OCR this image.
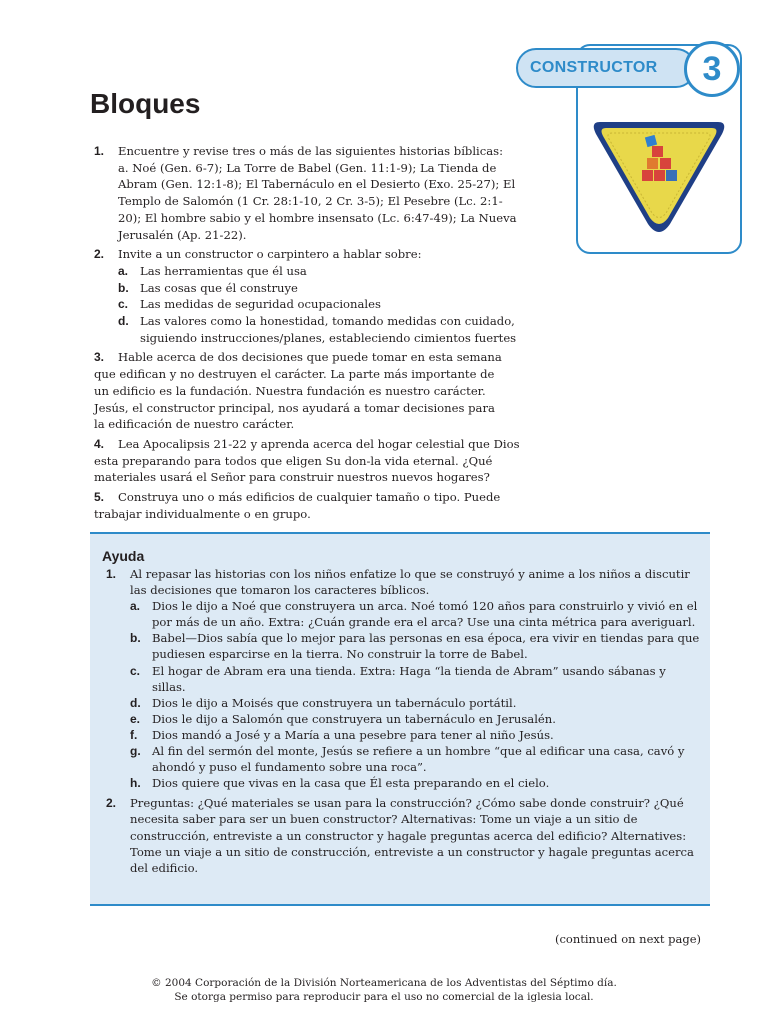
CONSTRUCTOR	3
Bloques
1. Encuentre y revise tres o más de las siguientes historias bíblicas:
a. Noé (Gen. 6-7); La Torre de Babel (Gen. 11:1-9); La Tienda de
Abram (Gen. 12:1-8); El Tabernáculo en el Desierto (Exo. 25-27); El
Templo de Salomón (1 Cr. 28:1-10, 2 Cr. 3-5); El Pesebre (Lc. 2:1-
20); El hombre sabio y el hombre insensato (Lc. 6:47-49); La Nueva
Jerusalén (Ap. 21-22).
2. Invite a un constructor o carpintero a hablar sobre:
a. Las herramientas que él usa
b. Las cosas que él construye
c. Las medidas de seguridad ocupacionales
d. Las valores como la honestidad, tomando medidas con cuidado, siguiendo instrucciones/planes, estableciendo cimientos fuertes
3. Hable acerca de dos decisiones que puede tomar en esta semana
que edifican y no destruyen el carácter. La parte más importante de
un edificio es la fundación. Nuestra fundación es nuestro carácter.
Jesús, el constructor principal, nos ayudará a tomar decisiones para
la edificación de nuestro carácter.
4. Lea Apocalipsis 21-22 y aprenda acerca del hogar celestial que Dios
esta preparando para todos que eligen Su don-la vida eternal. ¿Qué
materiales usará el Señor para construir nuestros nuevos hogares?
5. Construya uno o más edificios de cualquier tamaño o tipo. Puede
trabajar individualmente o en grupo.
Ayuda
1. Al repasar las historias con los niños enfatize lo que se construyó y anime a los niños a discutir las decisiones que tomaron los caracteres bíblicos.
a. Dios le dijo a Noé que construyera un arca. Noé tomó 120 años para construirlo y vivió en el por más de un año. Extra: ¿Cuán grande era el arca? Use una cinta métrica para averiguarl.
b. Babel—Dios sabía que lo mejor para las personas en esa época, era vivir en tiendas para que pudiesen esparcirse en la tierra. No construir la torre de Babel.
c. El hogar de Abram era una tienda. Extra: Haga “la tienda de Abram” usando sábanas y sillas.
d. Dios le dijo a Moisés que construyera un tabernáculo portátil.
e. Dios le dijo a Salomón que construyera un tabernáculo en Jerusalén.
f. Dios mandó a José y a María a una pesebre para tener al niño Jesús.
g. Al fin del sermón del monte, Jesús se refiere a un hombre “que al edificar una casa, cavó y ahondó y puso el fundamento sobre una roca”.
h. Dios quiere que vivas en la casa que Él esta preparando en el cielo.
2. Preguntas: ¿Qué materiales se usan para la construcción? ¿Cómo sabe donde construir? ¿Qué necesita saber para ser un buen constructor? Alternativas: Tome un viaje a un sitio de construcción, entreviste a un constructor y hagale preguntas acerca del edificio? Alternatives: Tome un viaje a un sitio de construcción, entreviste a un constructor y hagale preguntas acerca del edificio.
(continued on next page)
© 2004 Corporación de la División Norteamericana de los Adventistas del Séptimo día.
Se otorga permiso para reproducir para el uso no comercial de la iglesia local.
